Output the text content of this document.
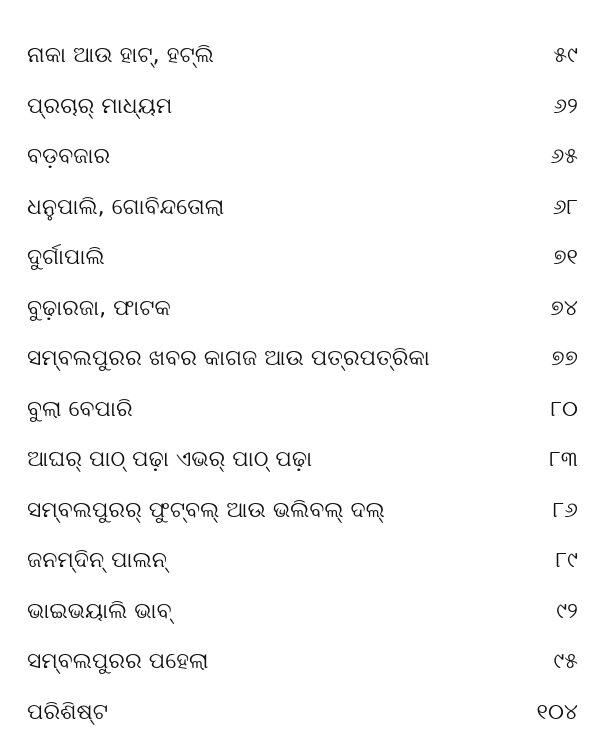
ନାକା ଆଉ ହାଟ୍, ହଟ୍‌ଲି	୫୯
ପ୍ରଚାର୍ ମାଧ୍ୟମ	୬୨
ବଡ଼ବଜାର	୬୫
ଧନୁପାଲି, ଗୋବିନ୍ଦତୋଲା	୬୮
ଦୁର୍ଗାପାଲି	୭୧
ବୁଢ଼ାରଜା, ଫାଟକ	୭୪
ସମ୍ବଲପୁରର ଖବର କାଗଜ ଆଉ ପତ୍ରପତ୍ରିକା	୭୭
ବୁଲା ବେପାରି	୮୦
ଆଘର୍ ପାଠ୍ ପଢ଼ା ଏଭର୍ ପାଠ୍ ପଢ଼ା	୮୩
ସମ୍ବଲପୁରର୍ ଫୁଟ୍‌ବଲ୍ ଆଉ ଭଲିବଲ୍ ଦଲ୍	୮୬
ଜନମ୍‌ଦିନ୍ ପାଲନ୍	୮୯
ଭାଇଭୟାଲି ଭାବ୍	୯୨
ସମ୍ବଲପୁରର ପହେଲା	୯୫
ପରିଶିଷ୍ଟ	୧୦୪
